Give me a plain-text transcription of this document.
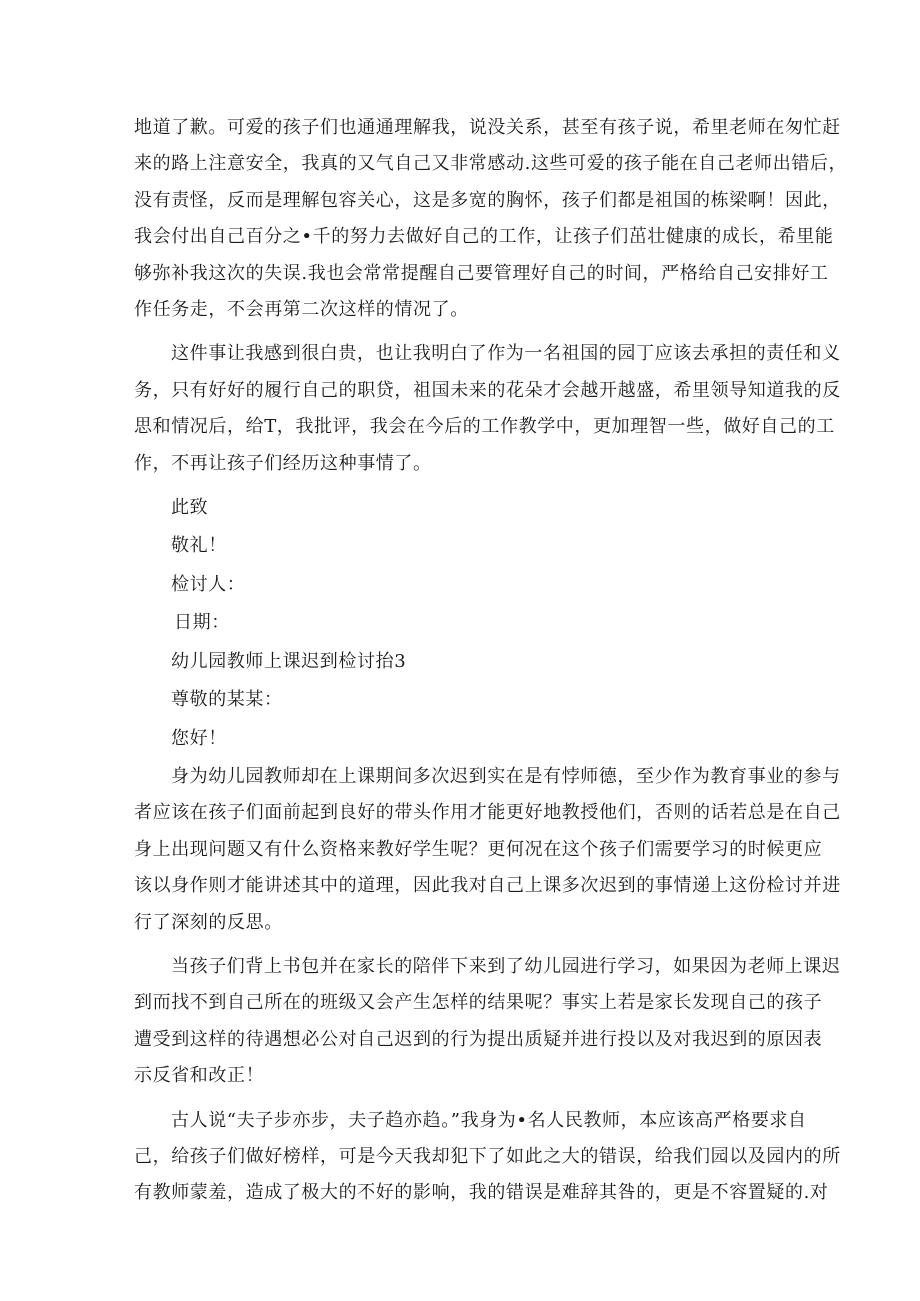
地道了歉。可爱的孩子们也通通理解我，说没关系，甚至有孩子说，希里老师在匆忙赶
来的路上注意安全，我真的又气自己又非常感动.这些可爱的孩子能在自己老师出错后，
没有责怪，反而是理解包容关心，这是多宽的胸怀，孩子们都是祖国的栋梁啊！因此，
我会付出自己百分之•千的努力去做好自己的工作，让孩子们茁壮健康的成长，希里能
够弥补我这次的失误.我也会常常提醒自己要管理好自己的时间，严格给自己安排好工
作任务走，不会再第二次这样的情况了。
这件事让我感到很白贵，也让我明白了作为一名祖国的园丁应该去承担的责任和义
务，只有好好的履行自己的职贷，祖国未来的花朵才会越开越盛，希里领导知道我的反
思和情况后，给T，我批评，我会在今后的工作教学中，更加理智一些，做好自己的工
作，不再让孩子们经历这种事情了。
此致
敬礼！
检讨人：
日期：
幼儿园教师上课迟到检讨抬3
尊敬的某某：
您好！
身为幼儿园教师却在上课期间多次迟到实在是有悖师德，至少作为教育事业的参与
者应该在孩子们面前起到良好的带头作用才能更好地教授他们，否则的话若总是在自己
身上出现问题又有什么资格来教好学生呢？更何况在这个孩子们需要学习的时候更应
该以身作则才能讲述其中的道理，因此我对自己上课多次迟到的事情递上这份检讨并进
行了深刻的反思。
当孩子们背上书包并在家长的陪伴下来到了幼儿园进行学习，如果因为老师上课迟
到而找不到自己所在的班级又会产生怎样的结果呢？事实上若是家长发现自己的孩子
遭受到这样的待遇想必公对自己迟到的行为提出质疑并进行投以及对我迟到的原因表
示反省和改正！
古人说“夫子步亦步，夫子趋亦趋。”我身为•名人民教师，本应该高严格要求自
己，给孩子们做好榜样，可是今天我却犯下了如此之大的错误，给我们园以及园内的所
有教师蒙羞，造成了极大的不好的影响，我的错误是难辞其咎的，更是不容置疑的.对
